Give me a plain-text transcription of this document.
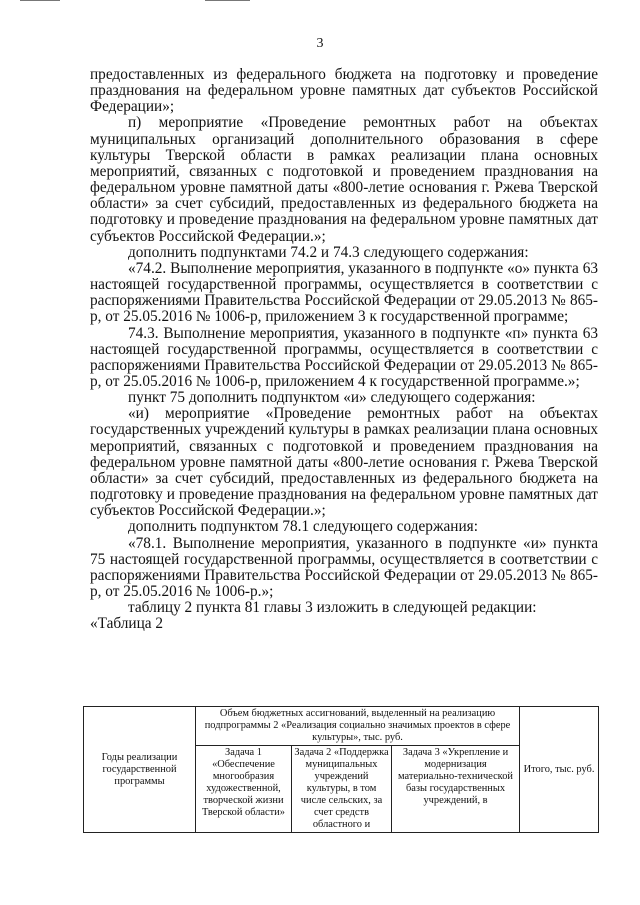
3

предоставленных из федерального бюджета на подготовку и проведение празднования на федеральном уровне памятных дат субъектов Российской Федерации»;

п) мероприятие «Проведение ремонтных работ на объектах муниципальных организаций дополнительного образования в сфере культуры Тверской области в рамках реализации плана основных мероприятий, связанных с подготовкой и проведением празднования на федеральном уровне памятной даты «800-летие основания г. Ржева Тверской области» за счет субсидий, предоставленных из федерального бюджета на подготовку и проведение празднования на федеральном уровне памятных дат субъектов Российской Федерации.»;

дополнить подпунктами 74.2 и 74.3 следующего содержания:

«74.2. Выполнение мероприятия, указанного в подпункте «о» пункта 63 настоящей государственной программы, осуществляется в соответствии с распоряжениями Правительства Российской Федерации от 29.05.2013 № 865-р, от 25.05.2016 № 1006-р, приложением 3 к государственной программе;

74.3. Выполнение мероприятия, указанного в подпункте «п» пункта 63 настоящей государственной программы, осуществляется в соответствии с распоряжениями Правительства Российской Федерации от 29.05.2013 № 865-р, от 25.05.2016 № 1006-р, приложением 4 к государственной программе.»;

пункт 75 дополнить подпунктом «и» следующего содержания:

«и) мероприятие «Проведение ремонтных работ на объектах государственных учреждений культуры в рамках реализации плана основных мероприятий, связанных с подготовкой и проведением празднования на федеральном уровне памятной даты «800-летие основания г. Ржева Тверской области» за счет субсидий, предоставленных из федерального бюджета на подготовку и проведение празднования на федеральном уровне памятных дат субъектов Российской Федерации.»;

дополнить подпунктом 78.1 следующего содержания:

«78.1. Выполнение мероприятия, указанного в подпункте «и» пункта 75 настоящей государственной программы, осуществляется в соответствии с распоряжениями Правительства Российской Федерации от 29.05.2013 № 865-р, от 25.05.2016 № 1006-р.»;

таблицу 2 пункта 81 главы 3 изложить в следующей редакции:

«Таблица 2

Годы реализации государственной программы	Объем бюджетных ассигнований, выделенный на реализацию подпрограммы 2 «Реализация социально значимых проектов в сфере культуры», тыс. руб.			Итого, тыс. руб.
	Задача 1 «Обеспечение многообразия художественной, творческой жизни Тверской области»	Задача 2 «Поддержка муниципальных учреждений культуры, в том числе сельских, за счет средств областного и	Задача 3 «Укрепление и модернизация материально-технической базы государственных учреждений, в	
